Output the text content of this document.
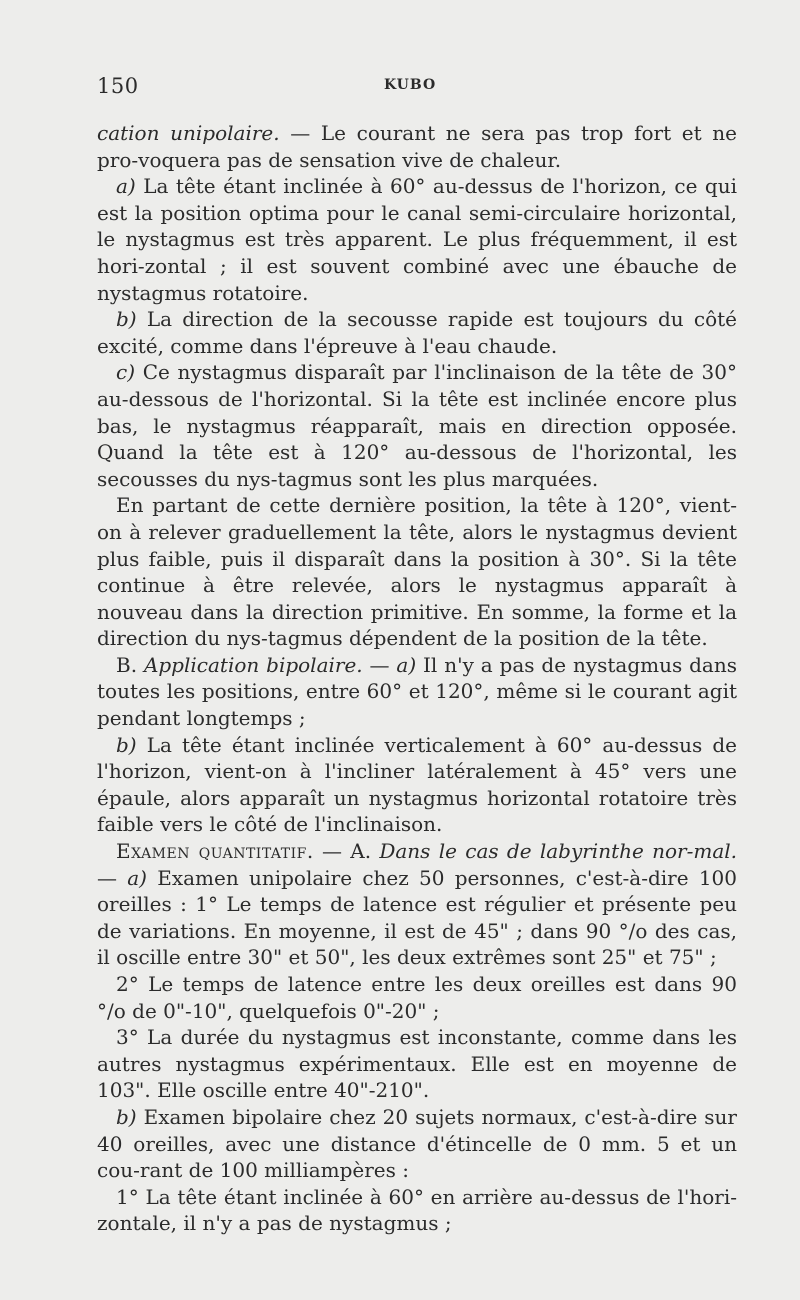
150	KUBO

cation unipolaire. — Le courant ne sera pas trop fort et ne pro-voquera pas de sensation vive de chaleur.

a) La tête étant inclinée à 60° au-dessus de l'horizon, ce qui est la position optima pour le canal semi-circulaire horizontal, le nystagmus est très apparent. Le plus fréquemment, il est hori-zontal ; il est souvent combiné avec une ébauche de nystagmus rotatoire.

b) La direction de la secousse rapide est toujours du côté excité, comme dans l'épreuve à l'eau chaude.

c) Ce nystagmus disparaît par l'inclinaison de la tête de 30° au-dessous de l'horizontal. Si la tête est inclinée encore plus bas, le nystagmus réapparaît, mais en direction opposée. Quand la tête est à 120° au-dessous de l'horizontal, les secousses du nys-tagmus sont les plus marquées.

En partant de cette dernière position, la tête à 120°, vient-on à relever graduellement la tête, alors le nystagmus devient plus faible, puis il disparaît dans la position à 30°. Si la tête continue à être relevée, alors le nystagmus apparaît à nouveau dans la direction primitive. En somme, la forme et la direction du nys-tagmus dépendent de la position de la tête.

B. Application bipolaire. — a) Il n'y a pas de nystagmus dans toutes les positions, entre 60° et 120°, même si le courant agit pendant longtemps ;

b) La tête étant inclinée verticalement à 60° au-dessus de l'horizon, vient-on à l'incliner latéralement à 45° vers une épaule, alors apparaît un nystagmus horizontal rotatoire très faible vers le côté de l'inclinaison.

Examen quantitatif. — A. Dans le cas de labyrinthe nor-mal. — a) Examen unipolaire chez 50 personnes, c'est-à-dire 100 oreilles : 1° Le temps de latence est régulier et présente peu de variations. En moyenne, il est de 45" ; dans 90 °/o des cas, il oscille entre 30" et 50", les deux extrêmes sont 25" et 75" ;

2° Le temps de latence entre les deux oreilles est dans 90 °/o de 0"-10", quelquefois 0"-20" ;

3° La durée du nystagmus est inconstante, comme dans les autres nystagmus expérimentaux. Elle est en moyenne de 103". Elle oscille entre 40"-210".

b) Examen bipolaire chez 20 sujets normaux, c'est-à-dire sur 40 oreilles, avec une distance d'étincelle de 0 mm. 5 et un cou-rant de 100 milliampères :

1° La tête étant inclinée à 60° en arrière au-dessus de l'hori-zontale, il n'y a pas de nystagmus ;
